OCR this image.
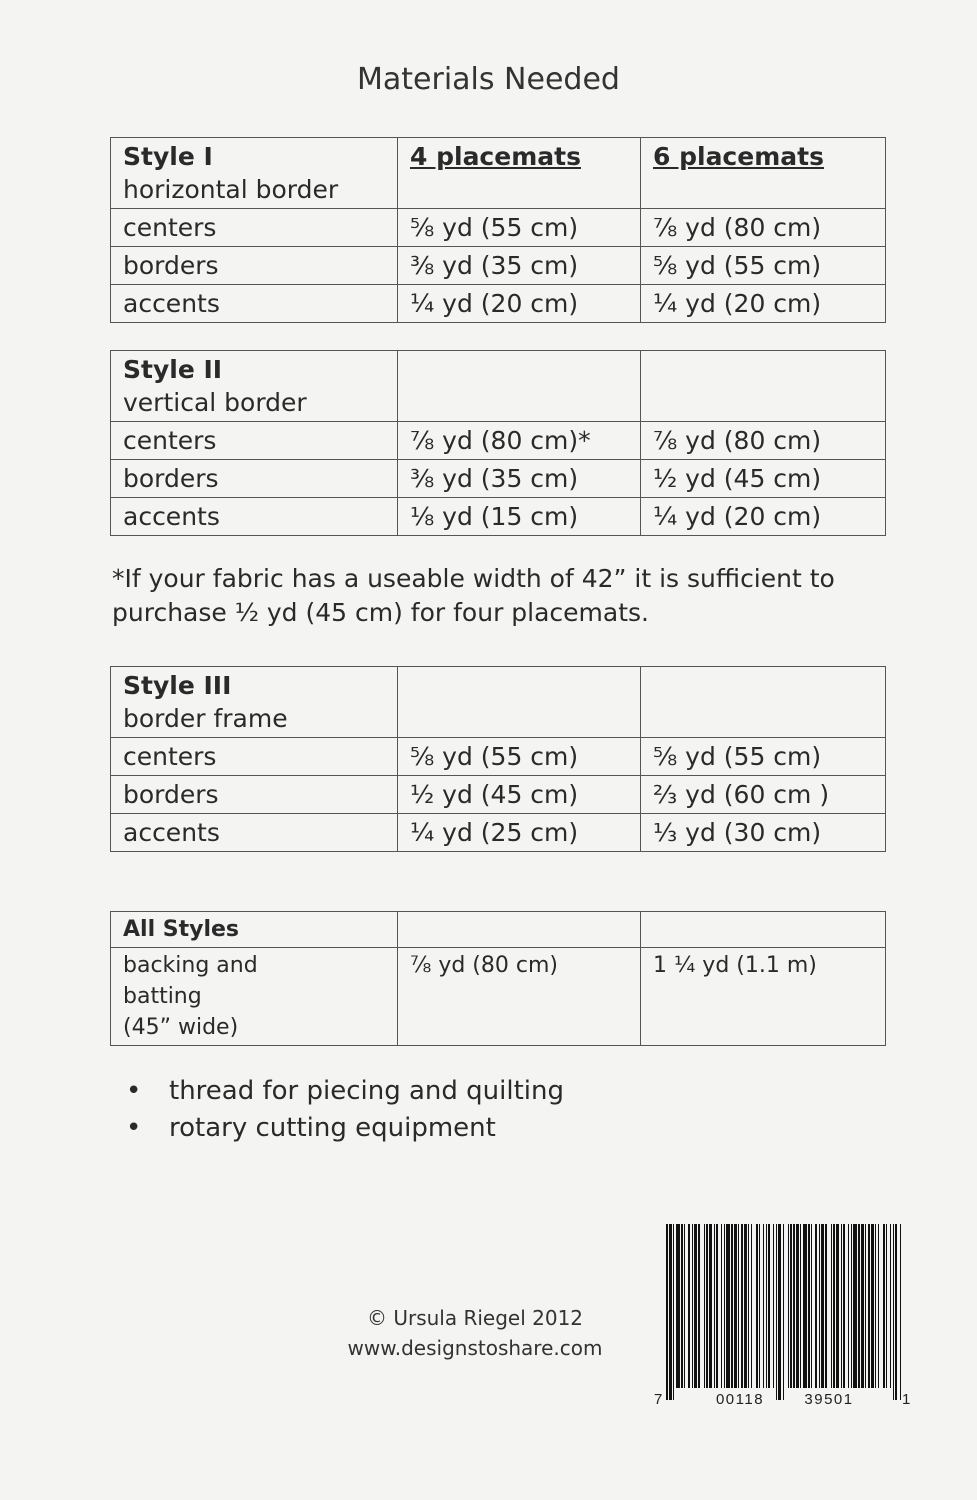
Materials Needed
Style I
horizontal border	4 placemats	6 placemats
centers	⅝ yd (55 cm)	⅞ yd (80 cm)
borders	⅜ yd (35 cm)	⅝ yd (55 cm)
accents	¼ yd (20 cm)	¼ yd (20 cm)
Style II
vertical border		

centers	⅞ yd (80 cm)*	⅞ yd (80 cm)
borders	⅜ yd (35 cm)	½ yd (45 cm)
accents	⅛ yd (15 cm)	¼ yd (20 cm)
*If your fabric has a useable width of 42” it is sufficient to purchase ½ yd (45 cm) for four placemats.
Style III
border frame		

centers	⅝ yd (55 cm)	⅝ yd (55 cm)
borders	½ yd (45 cm)	⅔ yd (60 cm )
accents	¼ yd (25 cm)	⅓ yd (30 cm)
All Styles		

backing and
batting
(45” wide)	⅞ yd (80 cm)	1 ¼ yd (1.1 m)
•	thread for piecing and quilting
•	rotary cutting equipment
© Ursula Riegel 2012
www.designstoshare.com
7	00118	39501	1
